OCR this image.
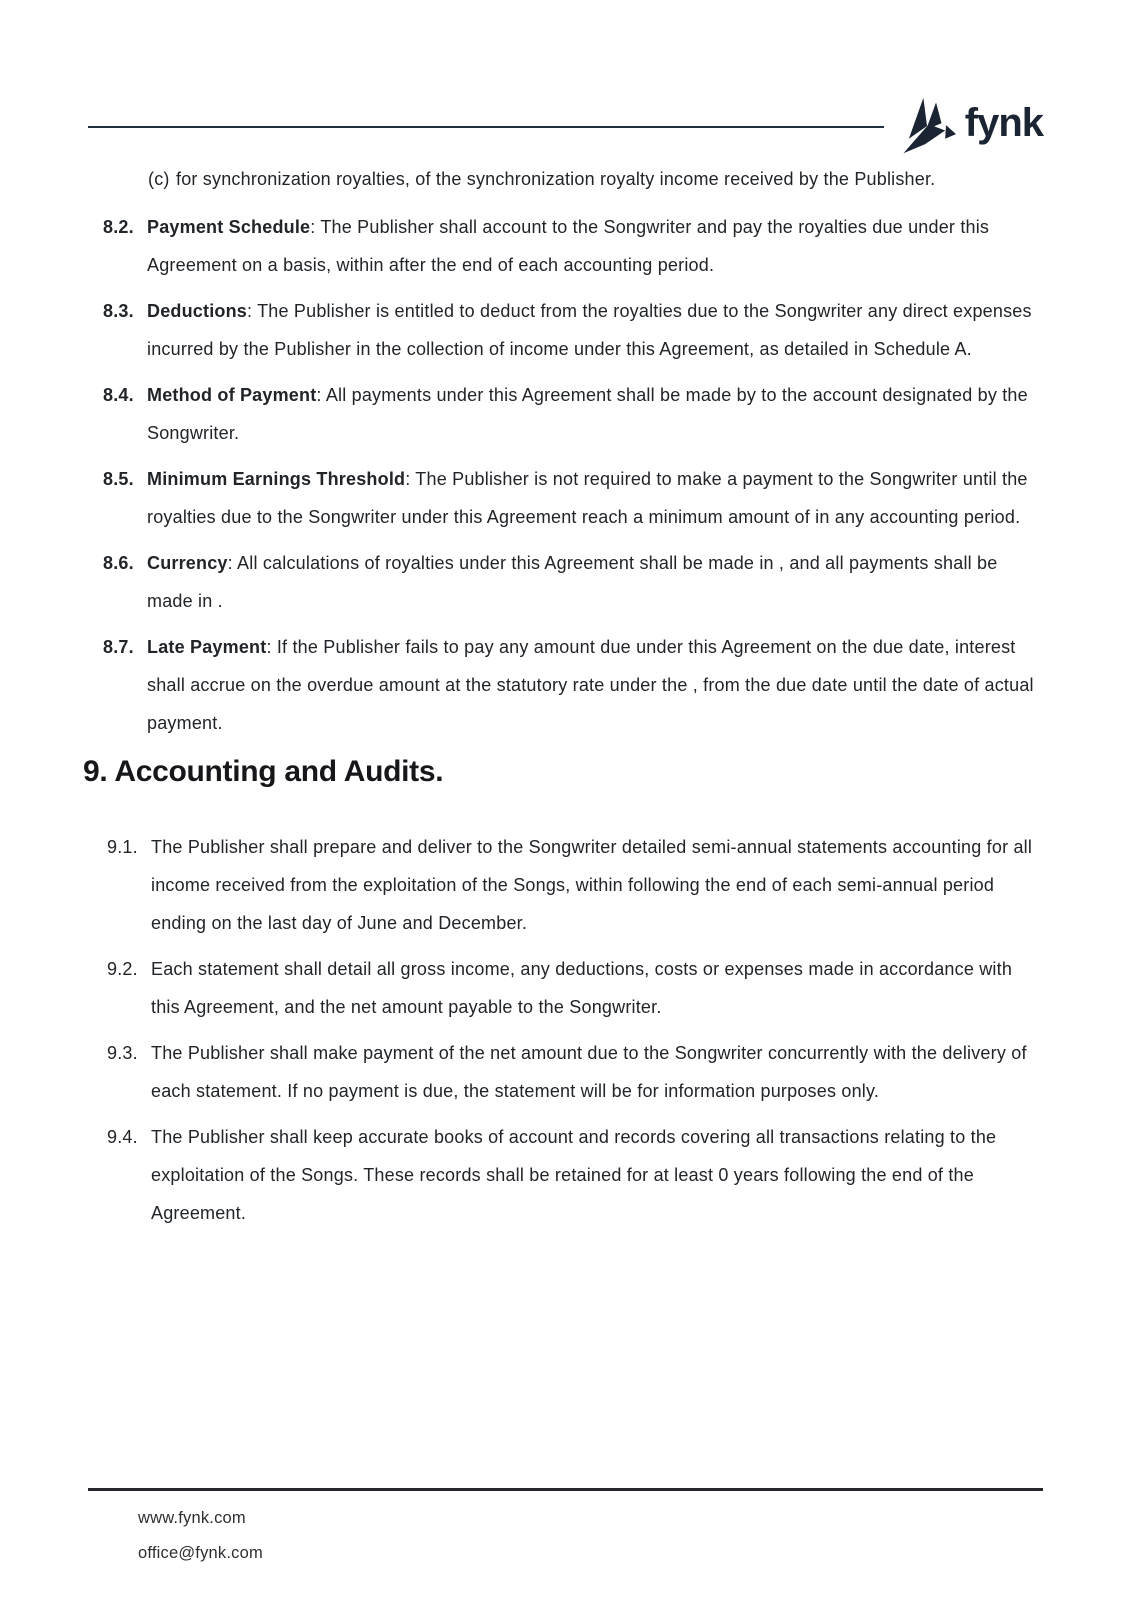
fynk
(c) for synchronization royalties, of the synchronization royalty income received by the Publisher.
8.2. Payment Schedule: The Publisher shall account to the Songwriter and pay the royalties due under this Agreement on a basis, within after the end of each accounting period.

8.3. Deductions: The Publisher is entitled to deduct from the royalties due to the Songwriter any direct expenses incurred by the Publisher in the collection of income under this Agreement, as detailed in Schedule A.

8.4. Method of Payment: All payments under this Agreement shall be made by to the account designated by the Songwriter.

8.5. Minimum Earnings Threshold: The Publisher is not required to make a payment to the Songwriter until the royalties due to the Songwriter under this Agreement reach a minimum amount of in any accounting period.

8.6. Currency: All calculations of royalties under this Agreement shall be made in , and all payments shall be made in .

8.7. Late Payment: If the Publisher fails to pay any amount due under this Agreement on the due date, interest shall accrue on the overdue amount at the statutory rate under the , from the due date until the date of actual payment.

9. Accounting and Audits.
9.1. The Publisher shall prepare and deliver to the Songwriter detailed semi-annual statements accounting for all income received from the exploitation of the Songs, within following the end of each semi-annual period ending on the last day of June and December.

9.2. Each statement shall detail all gross income, any deductions, costs or expenses made in accordance with this Agreement, and the net amount payable to the Songwriter.

9.3. The Publisher shall make payment of the net amount due to the Songwriter concurrently with the delivery of each statement. If no payment is due, the statement will be for information purposes only.

9.4. The Publisher shall keep accurate books of account and records covering all transactions relating to the exploitation of the Songs. These records shall be retained for at least 0 years following the end of the Agreement.

www.fynk.com
office@fynk.com
